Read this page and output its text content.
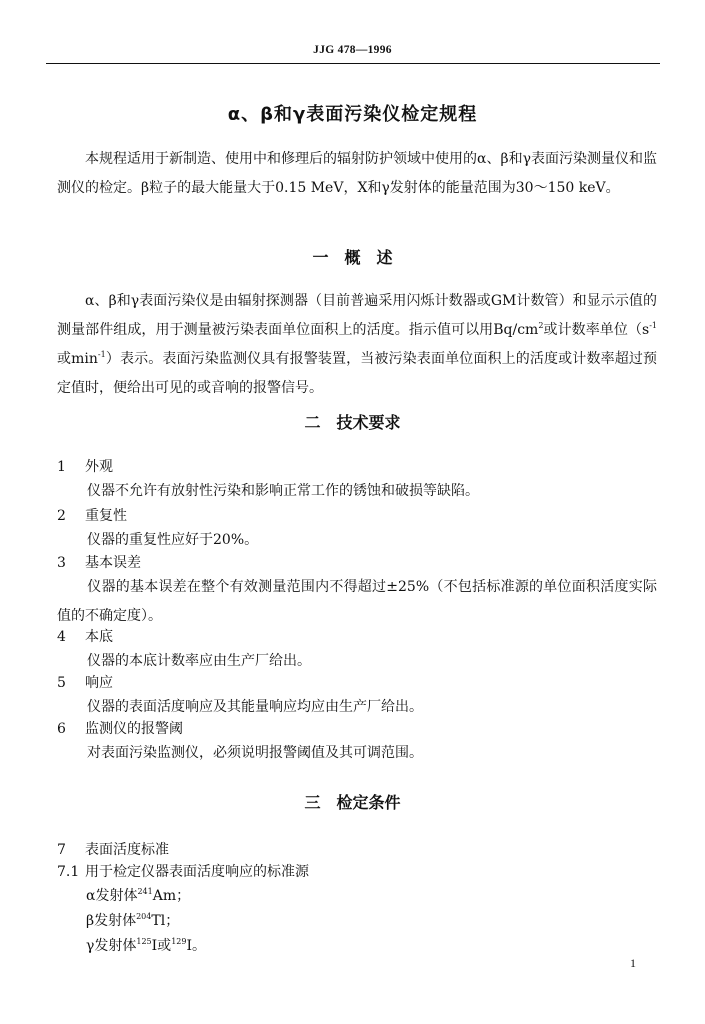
JJG 478—1996
α、β和γ表面污染仪检定规程

本规程适用于新制造、使用中和修理后的辐射防护领域中使用的α、β和γ表面污染测量仪和监测仪的检定。β粒子的最大能量大于0.15 MeV，X和γ发射体的能量范围为30～150 keV。

一　概　述

α、β和γ表面污染仪是由辐射探测器（目前普遍采用闪烁计数器或GM计数管）和显示示值的测量部件组成，用于测量被污染表面单位面积上的活度。指示值可以用$Bq/cm^2$或计数率单位（$s^{-1}$或$\min^{-1}$）表示。表面污染监测仪具有报警装置，当被污染表面单位面积上的活度或计数率超过预定值时，便给出可见的或音响的报警信号。

二　技术要求
1 外观
仪器不允许有放射性污染和影响正常工作的锈蚀和破损等缺陷。
2 重复性
仪器的重复性应好于20%。
3 基本误差
仪器的基本误差在整个有效测量范围内不得超过±25%（不包括标准源的单位面积活度实际值的不确定度）。
4 本底
仪器的本底计数率应由生产厂给出。
5 响应
仪器的表面活度响应及其能量响应均应由生产厂给出。
6 监测仪的报警阈
对表面污染监测仪，必须说明报警阈值及其可调范围。
三　检定条件
7 表面活度标准
7.1 用于检定仪器表面活度响应的标准源
α发射体$^{241}$Am；
β发射体$^{204}$Tl；
γ发射体$^{125}$I或$^{129}$I。
1
